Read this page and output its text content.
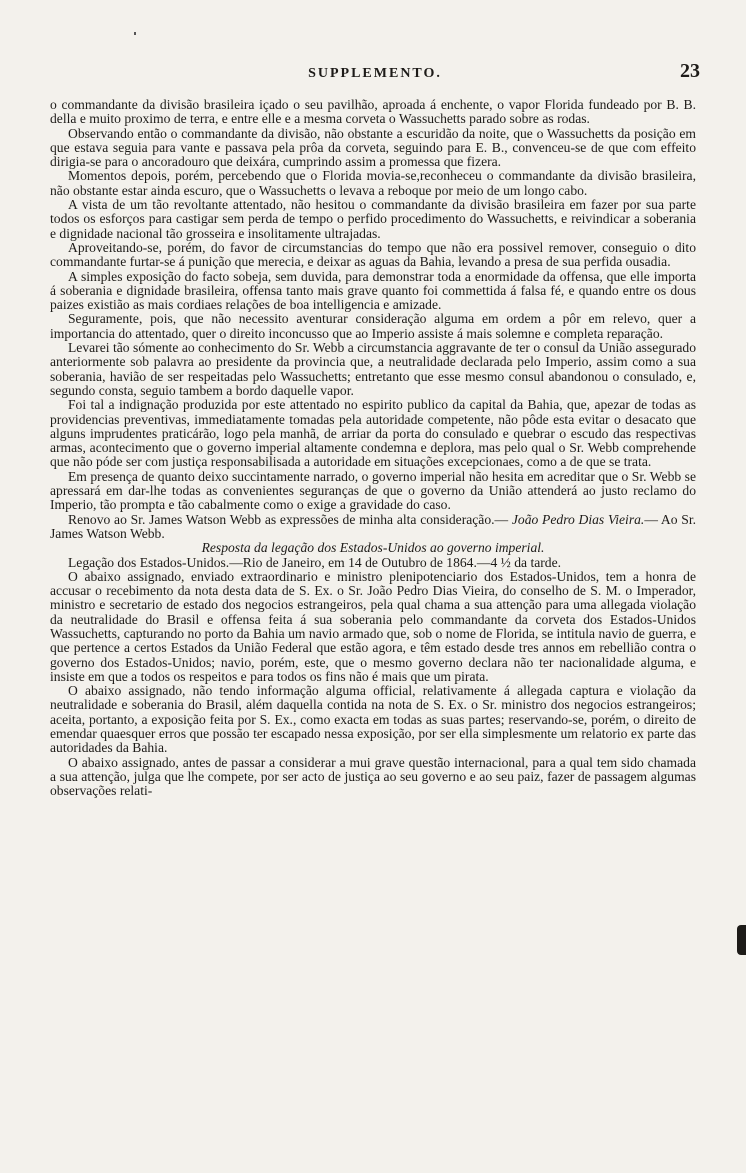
SUPPLEMENTO.	23

o commandante da divisão brasileira içado o seu pavilhão, aproada á enchente, o vapor Florida fundeado por B. B. della e muito proximo de terra, e entre elle e a mesma corveta o Wassuchetts parado sobre as rodas.

Observando então o commandante da divisão, não obstante a escuridão da noite, que o Wassuchetts da posição em que estava seguia para vante e passava pela prôa da corveta, seguindo para E. B., convenceu-se de que com effeito dirigia-se para o ancoradouro que deixára, cumprindo assim a promessa que fizera.

Momentos depois, porém, percebendo que o Florida movia-se,reconheceu o commandante da divisão brasileira, não obstante estar ainda escuro, que o Wassuchetts o levava a reboque por meio de um longo cabo.

A vista de um tão revoltante attentado, não hesitou o commandante da divisão brasileira em fazer por sua parte todos os esforços para castigar sem perda de tempo o perfido procedimento do Wassuchetts, e reivindicar a soberania e dignidade nacional tão grosseira e insolitamente ultrajadas.

Aproveitando-se, porém, do favor de circumstancias do tempo que não era possivel remover, conseguio o dito commandante furtar-se á punição que merecia, e deixar as aguas da Bahia, levando a presa de sua perfida ousadia.

A simples exposição do facto sobeja, sem duvida, para demonstrar toda a enormidade da offensa, que elle importa á soberania e dignidade brasileira, offensa tanto mais grave quanto foi commettida á falsa fé, e quando entre os dous paizes existião as mais cordiaes relações de boa intelligencia e amizade.

Seguramente, pois, que não necessito aventurar consideração alguma em ordem a pôr em relevo, quer a importancia do attentado, quer o direito inconcusso que ao Imperio assiste á mais solemne e completa reparação.

Levarei tão sómente ao conhecimento do Sr. Webb a circumstancia aggravante de ter o consul da União assegurado anteriormente sob palavra ao presidente da provincia que, a neutralidade declarada pelo Imperio, assim como a sua soberania, havião de ser respeitadas pelo Wassuchetts; entretanto que esse mesmo consul abandonou o consulado, e, segundo consta, seguio tambem a bordo daquelle vapor.

Foi tal a indignação produzida por este attentado no espirito publico da capital da Bahia, que, apezar de todas as providencias preventivas, immediatamente tomadas pela autoridade competente, não pôde esta evitar o desacato que alguns imprudentes praticárão, logo pela manhã, de arriar da porta do consulado e quebrar o escudo das respectivas armas, acontecimento que o governo imperial altamente condemna e deplora, mas pelo qual o Sr. Webb comprehende que não póde ser com justiça responsabilisada a autoridade em situações excepcionaes, como a de que se trata.

Em presença de quanto deixo succintamente narrado, o governo imperial não hesita em acreditar que o Sr. Webb se apressará em dar-lhe todas as convenientes seguranças de que o governo da União attenderá ao justo reclamo do Imperio, tão prompta e tão cabalmente como o exige a gravidade do caso.

Renovo ao Sr. James Watson Webb as expressões de minha alta consideração.— João Pedro Dias Vieira.— Ao Sr. James Watson Webb.

Resposta da legação dos Estados-Unidos ao governo imperial.

Legação dos Estados-Unidos.—Rio de Janeiro, em 14 de Outubro de 1864.—4 ½ da tarde.

O abaixo assignado, enviado extraordinario e ministro plenipotenciario dos Estados-Unidos, tem a honra de accusar o recebimento da nota desta data de S. Ex. o Sr. João Pedro Dias Vieira, do conselho de S. M. o Imperador, ministro e secretario de estado dos negocios estrangeiros, pela qual chama a sua attenção para uma allegada violação da neutralidade do Brasil e offensa feita á sua soberania pelo commandante da corveta dos Estados-Unidos Wassuchetts, capturando no porto da Bahia um navio armado que, sob o nome de Florida, se intitula navio de guerra, e que pertence a certos Estados da União Federal que estão agora, e têm estado desde tres annos em rebellião contra o governo dos Estados-Unidos; navio, porém, este, que o mesmo governo declara não ter nacionalidade alguma, e insiste em que a todos os respeitos e para todos os fins não é mais que um pirata.

O abaixo assignado, não tendo informação alguma official, relativamente á allegada captura e violação da neutralidade e soberania do Brasil, além daquella contida na nota de S. Ex. o Sr. ministro dos negocios estrangeiros; aceita, portanto, a exposição feita por S. Ex., como exacta em todas as suas partes; reservando-se, porém, o direito de emendar quaesquer erros que possão ter escapado nessa exposição, por ser ella simplesmente um relatorio ex parte das autoridades da Bahia.

O abaixo assignado, antes de passar a considerar a mui grave questão internacional, para a qual tem sido chamada a sua attenção, julga que lhe compete, por ser acto de justiça ao seu governo e ao seu paiz, fazer de passagem algumas observações relati-
